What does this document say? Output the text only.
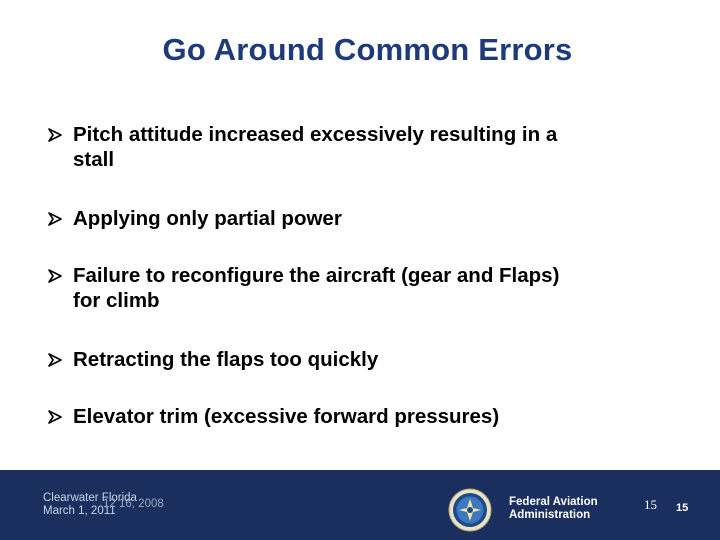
Go Around Common Errors
Pitch attitude increased excessively resulting in a
stall
Applying only partial power
Failure to reconfigure the aircraft (gear and Flaps)
for climb
Retracting the flaps too quickly
Elevator trim (excessive forward pressures)
Clearwater Florida
March 1, 2011
12 16, 2008	Federal Aviation
Administration
15 15
